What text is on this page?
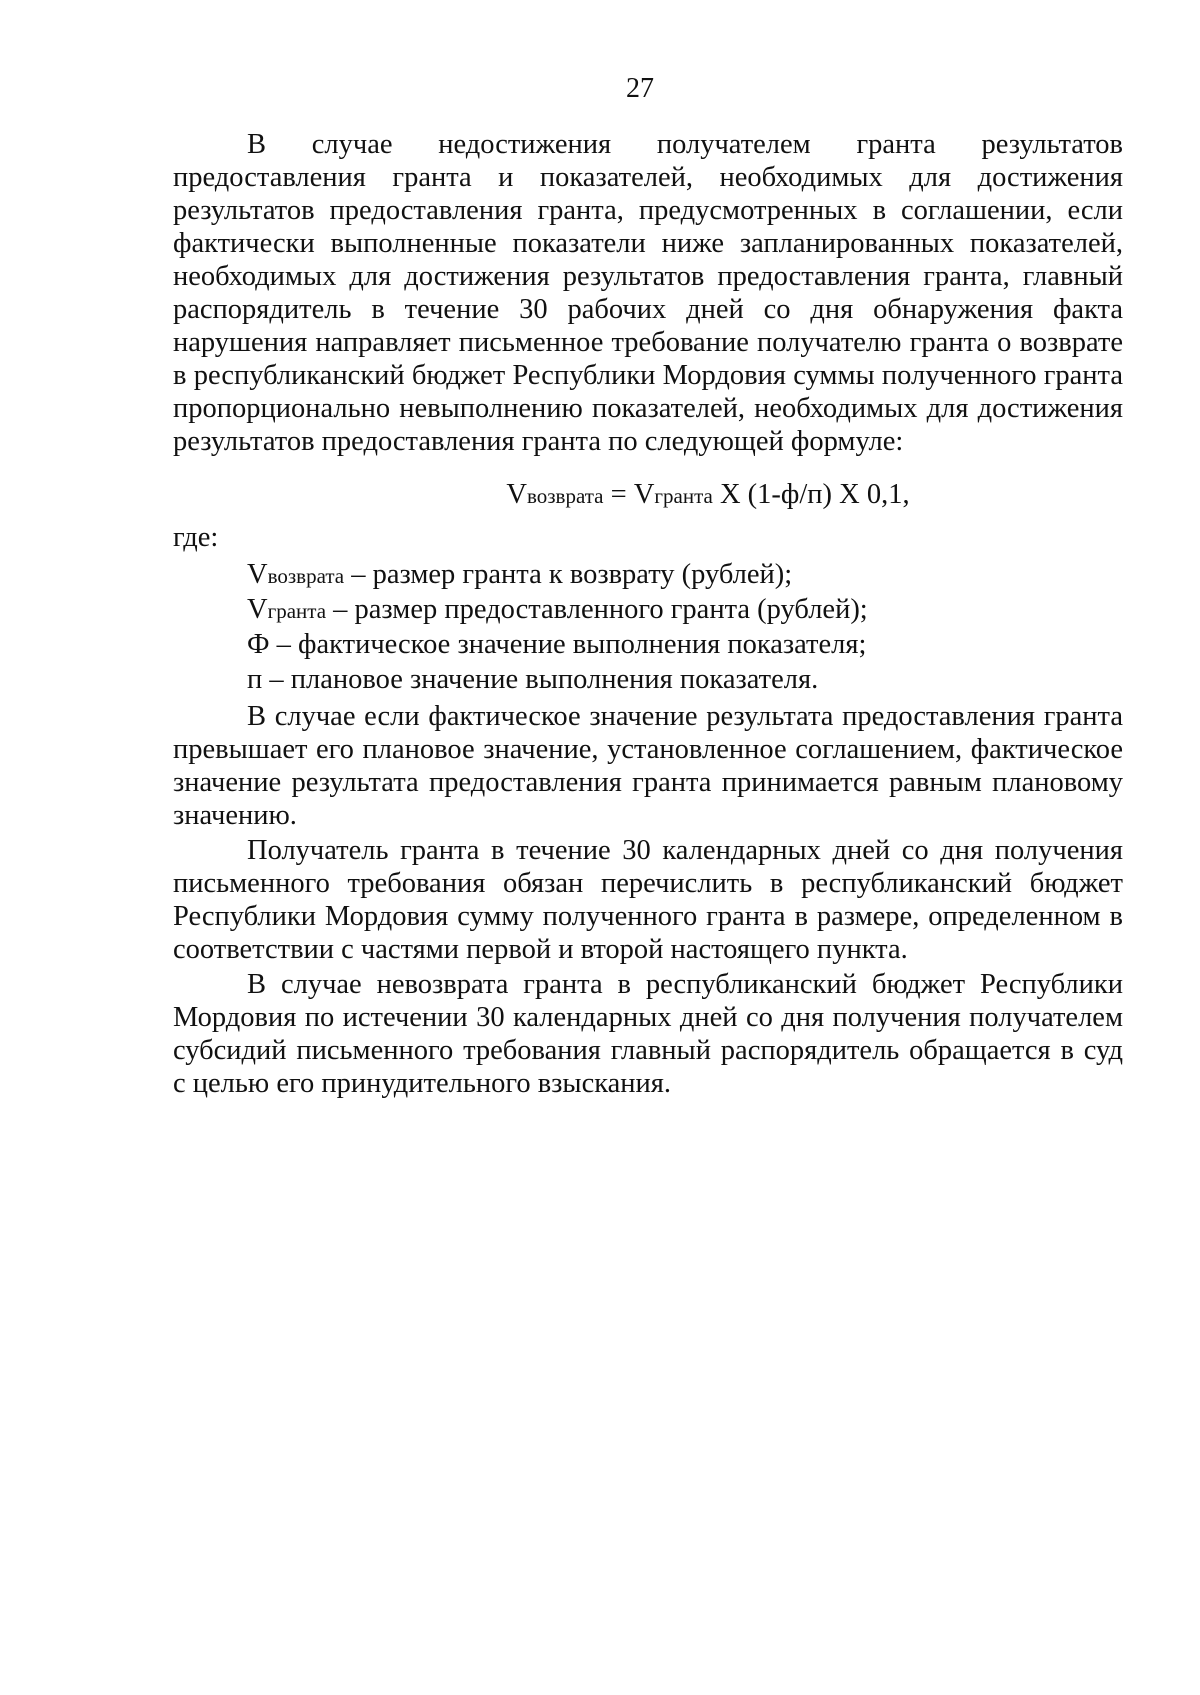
27

В случае недостижения получателем гранта результатов предоставления гранта и показателей, необходимых для достижения результатов предоставления гранта, предусмотренных в соглашении, если фактически выполненные показатели ниже запланированных показателей, необходимых для достижения результатов предоставления гранта, главный распорядитель в течение 30 рабочих дней со дня обнаружения факта нарушения направляет письменное требование получателю гранта о возврате в республиканский бюджет Республики Мордовия суммы полученного гранта пропорционально невыполнению показателей, необходимых для достижения результатов предоставления гранта по следующей формуле:

Vвозврата = Vгранта Х (1-ф/п) Х 0,1,

где:

Vвозврата – размер гранта к возврату (рублей);

Vгранта – размер предоставленного гранта (рублей);

Ф – фактическое значение выполнения показателя;

п – плановое значение выполнения показателя.

В случае если фактическое значение результата предоставления гранта превышает его плановое значение, установленное соглашением, фактическое значение результата предоставления гранта принимается равным плановому значению.

Получатель гранта в течение 30 календарных дней со дня получения письменного требования обязан перечислить в республиканский бюджет Республики Мордовия сумму полученного гранта в размере, определенном в соответствии с частями первой и второй настоящего пункта.

В случае невозврата гранта в республиканский бюджет Республики Мордовия по истечении 30 календарных дней со дня получения получателем субсидий письменного требования главный распорядитель обращается в суд с целью его принудительного взыскания.
